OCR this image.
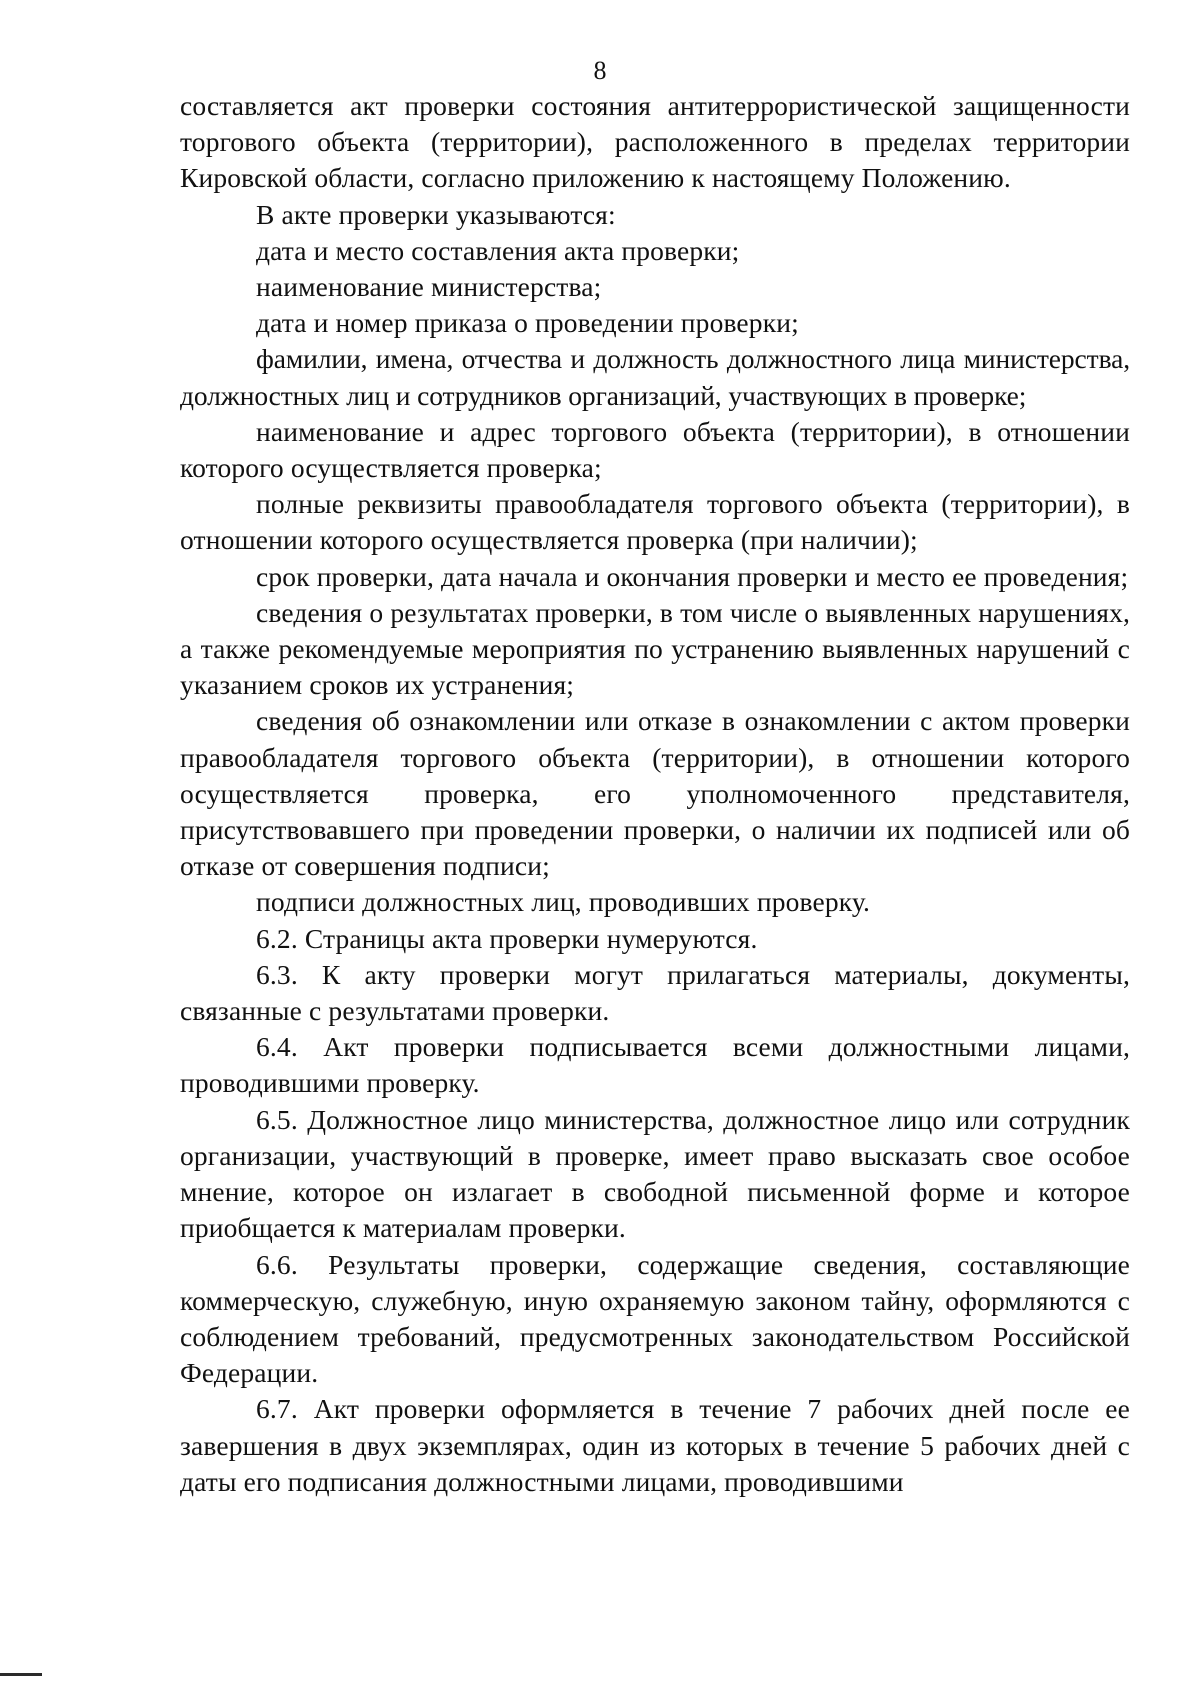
8

составляется акт проверки состояния антитеррористической защищенности торгового объекта (территории), расположенного в пределах территории Кировской области, согласно приложению к настоящему Положению.

В акте проверки указываются:

дата и место составления акта проверки;

наименование министерства;

дата и номер приказа о проведении проверки;

фамилии, имена, отчества и должность должностного лица министерства, должностных лиц и сотрудников организаций, участвующих в проверке;

наименование и адрес торгового объекта (территории), в отношении которого осуществляется проверка;

полные реквизиты правообладателя торгового объекта (территории), в отношении которого осуществляется проверка (при наличии);

срок проверки, дата начала и окончания проверки и место ее проведения;

сведения о результатах проверки, в том числе о выявленных нарушениях, а также рекомендуемые мероприятия по устранению выявленных нарушений с указанием сроков их устранения;

сведения об ознакомлении или отказе в ознакомлении с актом проверки правообладателя торгового объекта (территории), в отношении которого осуществляется проверка, его уполномоченного представителя, присутствовавшего при проведении проверки, о наличии их подписей или об отказе от совершения подписи;

подписи должностных лиц, проводивших проверку.

6.2. Страницы акта проверки нумеруются.

6.3. К акту проверки могут прилагаться материалы, документы, связанные с результатами проверки.

6.4. Акт проверки подписывается всеми должностными лицами, проводившими проверку.

6.5. Должностное лицо министерства, должностное лицо или сотрудник организации, участвующий в проверке, имеет право высказать свое особое мнение, которое он излагает в свободной письменной форме и которое приобщается к материалам проверки.

6.6. Результаты проверки, содержащие сведения, составляющие коммерческую, служебную, иную охраняемую законом тайну, оформляются с соблюдением требований, предусмотренных законодательством Российской Федерации.

6.7. Акт проверки оформляется в течение 7 рабочих дней после ее завершения в двух экземплярах, один из которых в течение 5 рабочих дней с даты его подписания должностными лицами, проводившими
